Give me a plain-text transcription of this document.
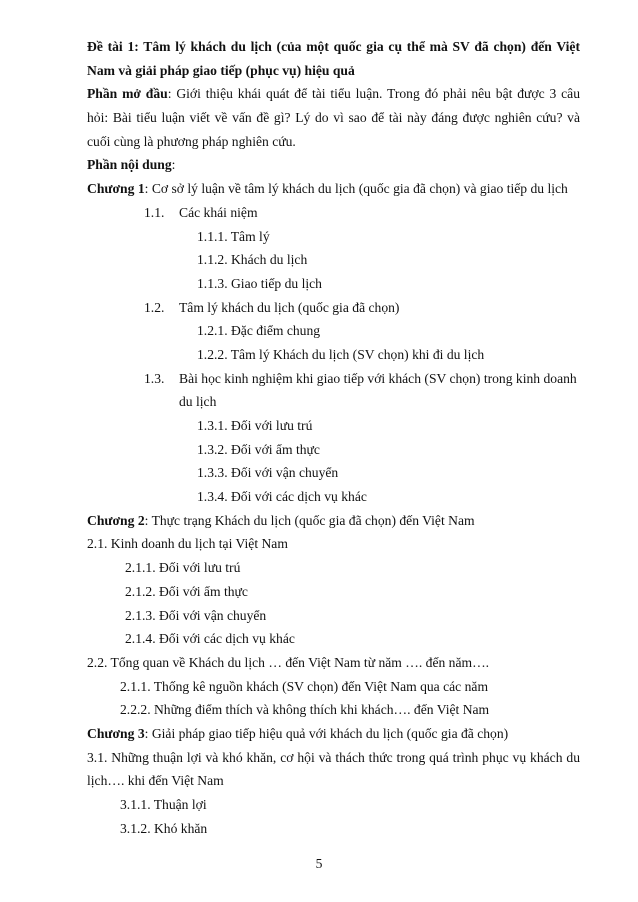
Đề tài 1: Tâm lý khách du lịch (của một quốc gia cụ thể mà SV đã chọn) đến Việt
Nam và giải pháp giao tiếp (phục vụ) hiệu quả
Phần mở đầu: Giới thiệu khái quát để tài tiểu luận. Trong đó phải nêu bật được 3 câu
hỏi: Bài tiểu luận viết về vấn đề gì? Lý do vì sao để tài này đáng được nghiên cứu? và
cuối cùng là phương pháp nghiên cứu.
Phần nội dung:
Chương 1: Cơ sở lý luận về tâm lý khách du lịch (quốc gia đã chọn) và giao tiếp du lịch
1.1. Các khái niệm
1.1.1. Tâm lý
1.1.2. Khách du lịch
1.1.3. Giao tiếp du lịch
1.2. Tâm lý khách du lịch (quốc gia đã chọn)
1.2.1. Đặc điểm chung
1.2.2. Tâm lý Khách du lịch (SV chọn) khi đi du lịch
1.3. Bài học kinh nghiệm khi giao tiếp với khách (SV chọn) trong kinh doanh
du lịch
1.3.1. Đối với lưu trú
1.3.2. Đối với ẩm thực
1.3.3. Đối với vận chuyển
1.3.4. Đối với các dịch vụ khác
Chương 2: Thực trạng Khách du lịch (quốc gia đã chọn) đến Việt Nam
2.1. Kinh doanh du lịch tại Việt Nam
2.1.1. Đối với lưu trú
2.1.2. Đối với ẩm thực
2.1.3. Đối với vận chuyển
2.1.4. Đối với các dịch vụ khác
2.2. Tổng quan về Khách du lịch … đến Việt Nam từ năm …. đến năm….
2.1.1. Thống kê nguồn khách (SV chọn) đến Việt Nam qua các năm
2.2.2. Những điểm thích và không thích khi khách…. đến Việt Nam
Chương 3: Giải pháp giao tiếp hiệu quả với khách du lịch (quốc gia đã chọn)
3.1. Những thuận lợi và khó khăn, cơ hội và thách thức trong quá trình phục vụ khách du
lịch…. khi đến Việt Nam
3.1.1. Thuận lợi
3.1.2. Khó khăn
5
